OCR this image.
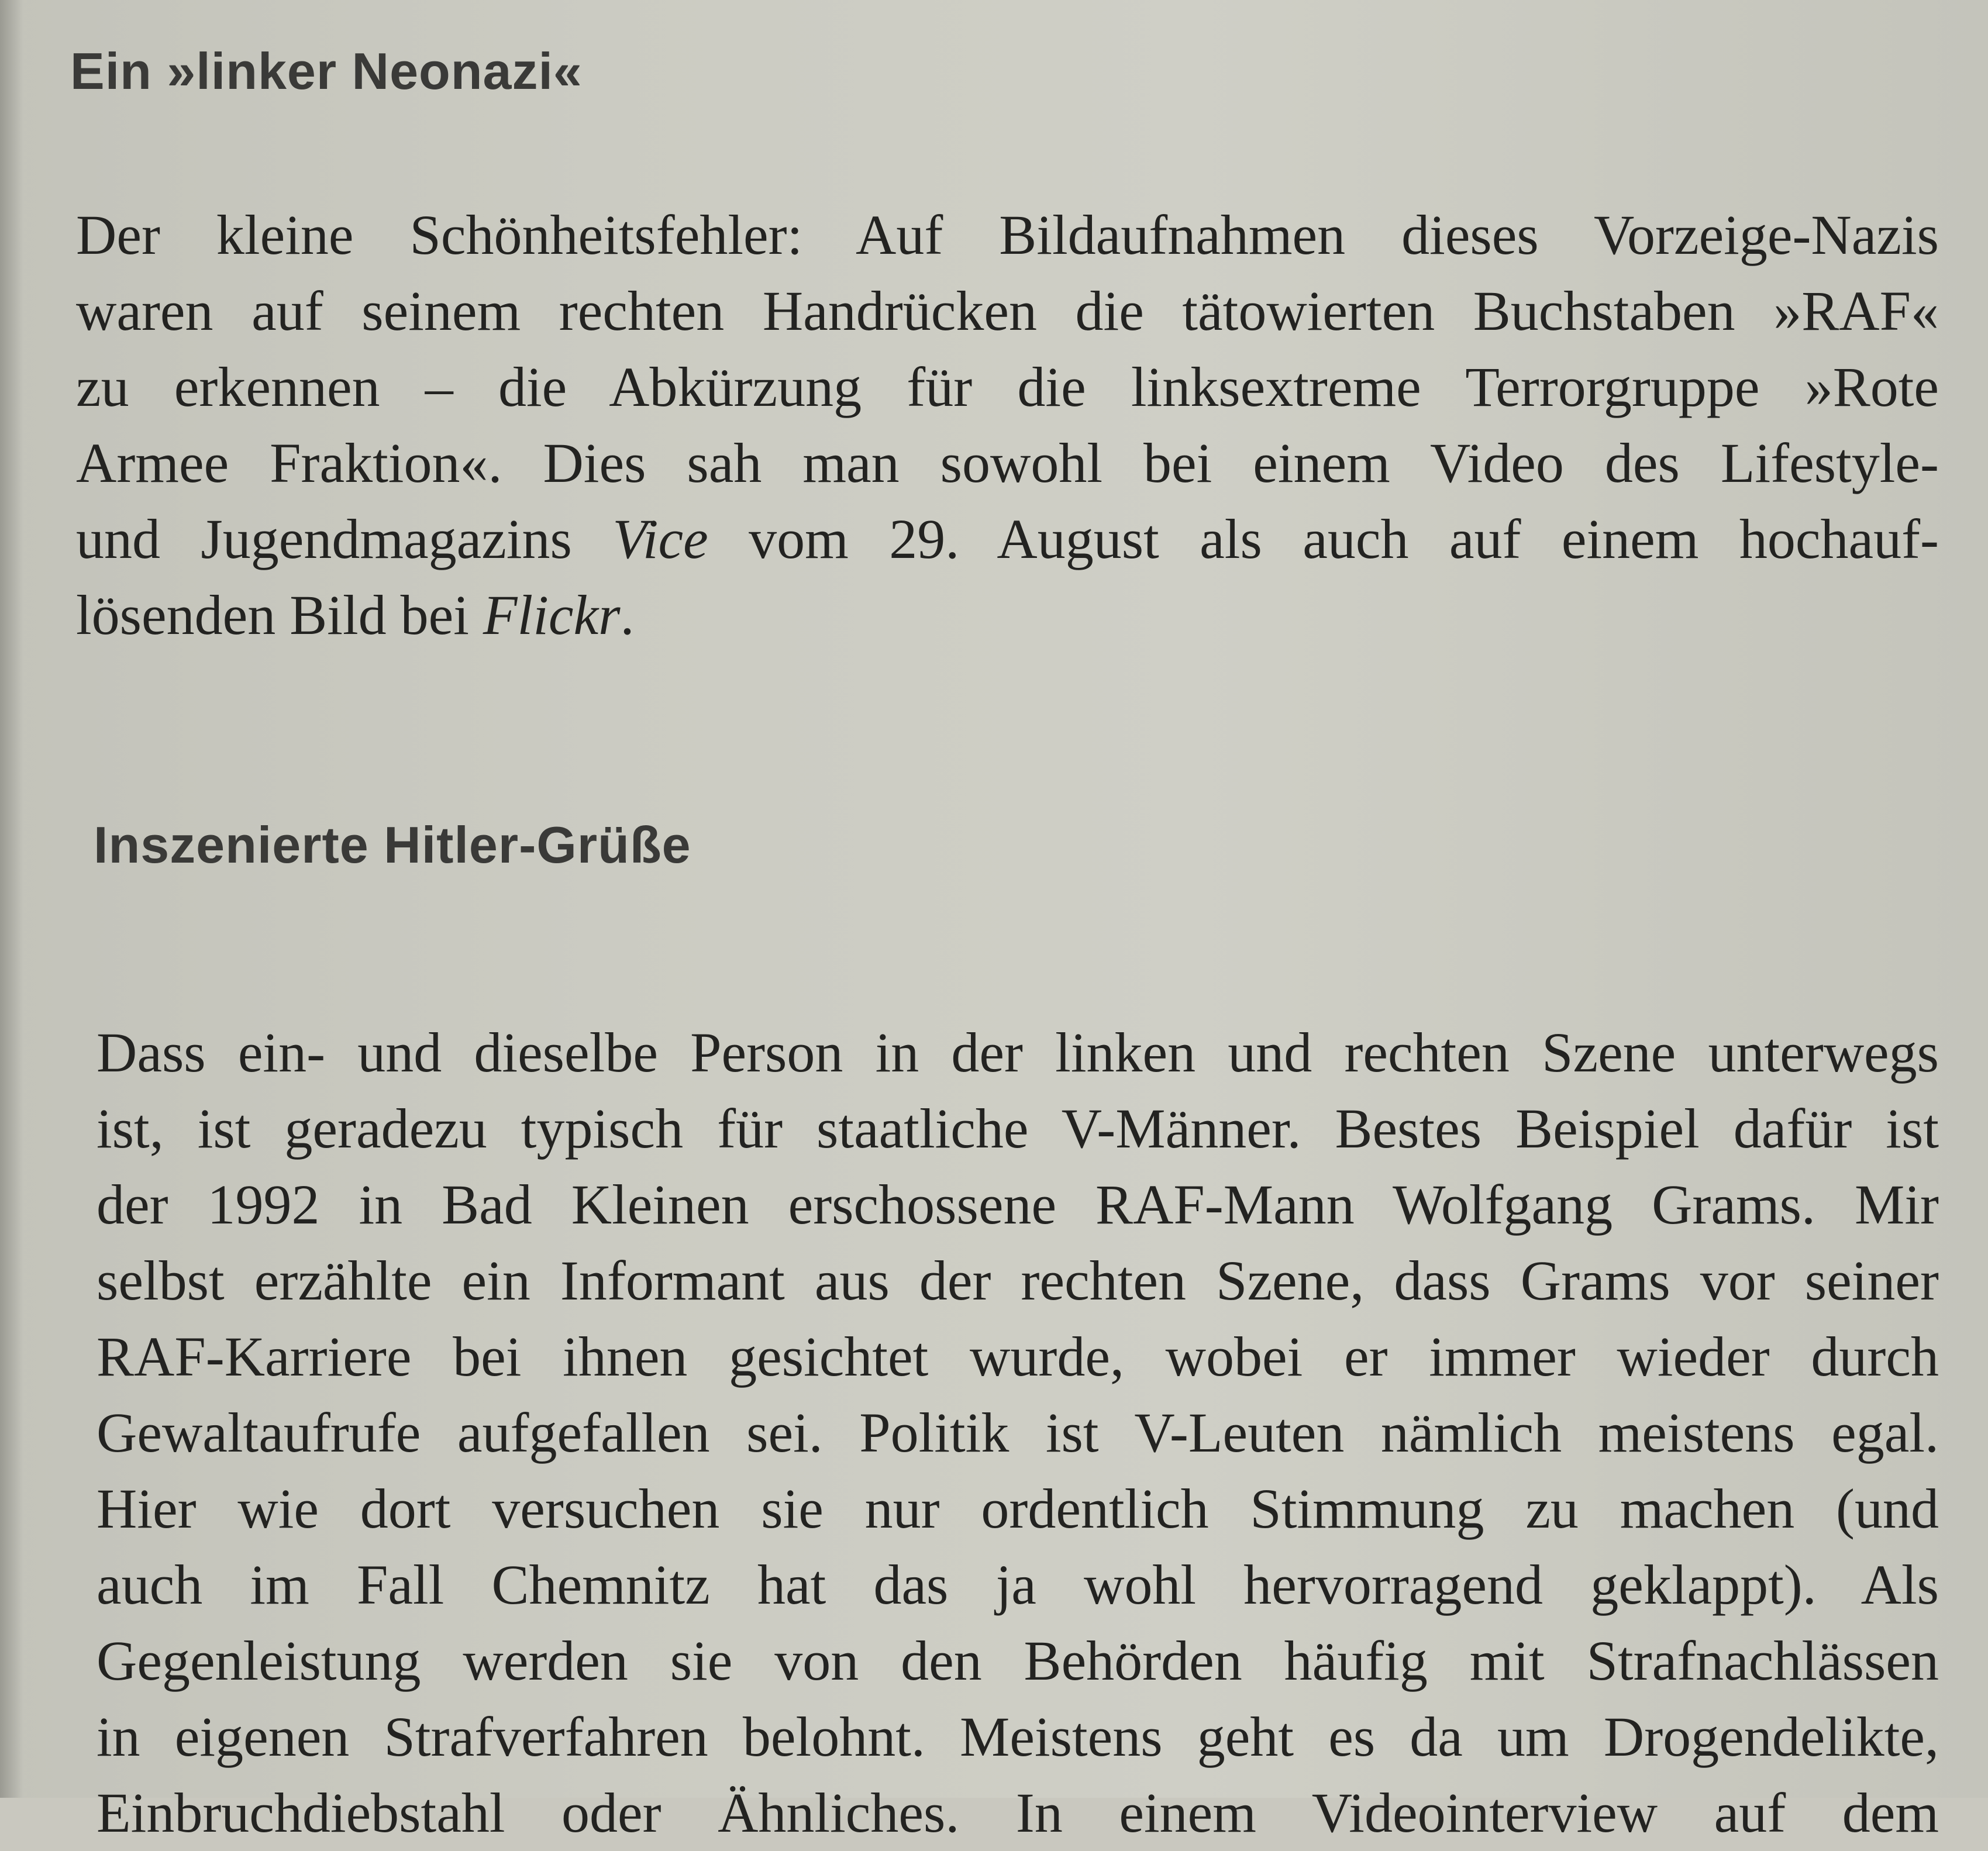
Ein »linker Neonazi«
Der kleine Schönheitsfehler: Auf Bildaufnahmen dieses Vorzeige-Nazis
waren auf seinem rechten Handrücken die tätowierten Buchstaben »RAF«
zu erkennen – die Abkürzung für die linksextreme Terrorgruppe »Rote
Armee Fraktion«. Dies sah man sowohl bei einem Video des Lifestyle-
und Jugendmagazins Vice vom 29. August als auch auf einem hochauf-
lösenden Bild bei Flickr.
Inszenierte Hitler-Grüße
Dass ein- und dieselbe Person in der linken und rechten Szene unterwegs
ist, ist geradezu typisch für staatliche V-Männer. Bestes Beispiel dafür ist
der 1992 in Bad Kleinen erschossene RAF-Mann Wolfgang Grams. Mir
selbst erzählte ein Informant aus der rechten Szene, dass Grams vor seiner
RAF-Karriere bei ihnen gesichtet wurde, wobei er immer wieder durch
Gewaltaufrufe aufgefallen sei. Politik ist V-Leuten nämlich meistens egal.
Hier wie dort versuchen sie nur ordentlich Stimmung zu machen (und
auch im Fall Chemnitz hat das ja wohl hervorragend geklappt). Als
Gegenleistung werden sie von den Behörden häufig mit Strafnachlässen
in eigenen Strafverfahren belohnt. Meistens geht es da um Drogendelikte,
Einbruchdiebstahl oder Ähnliches. In einem Videointerview auf dem
